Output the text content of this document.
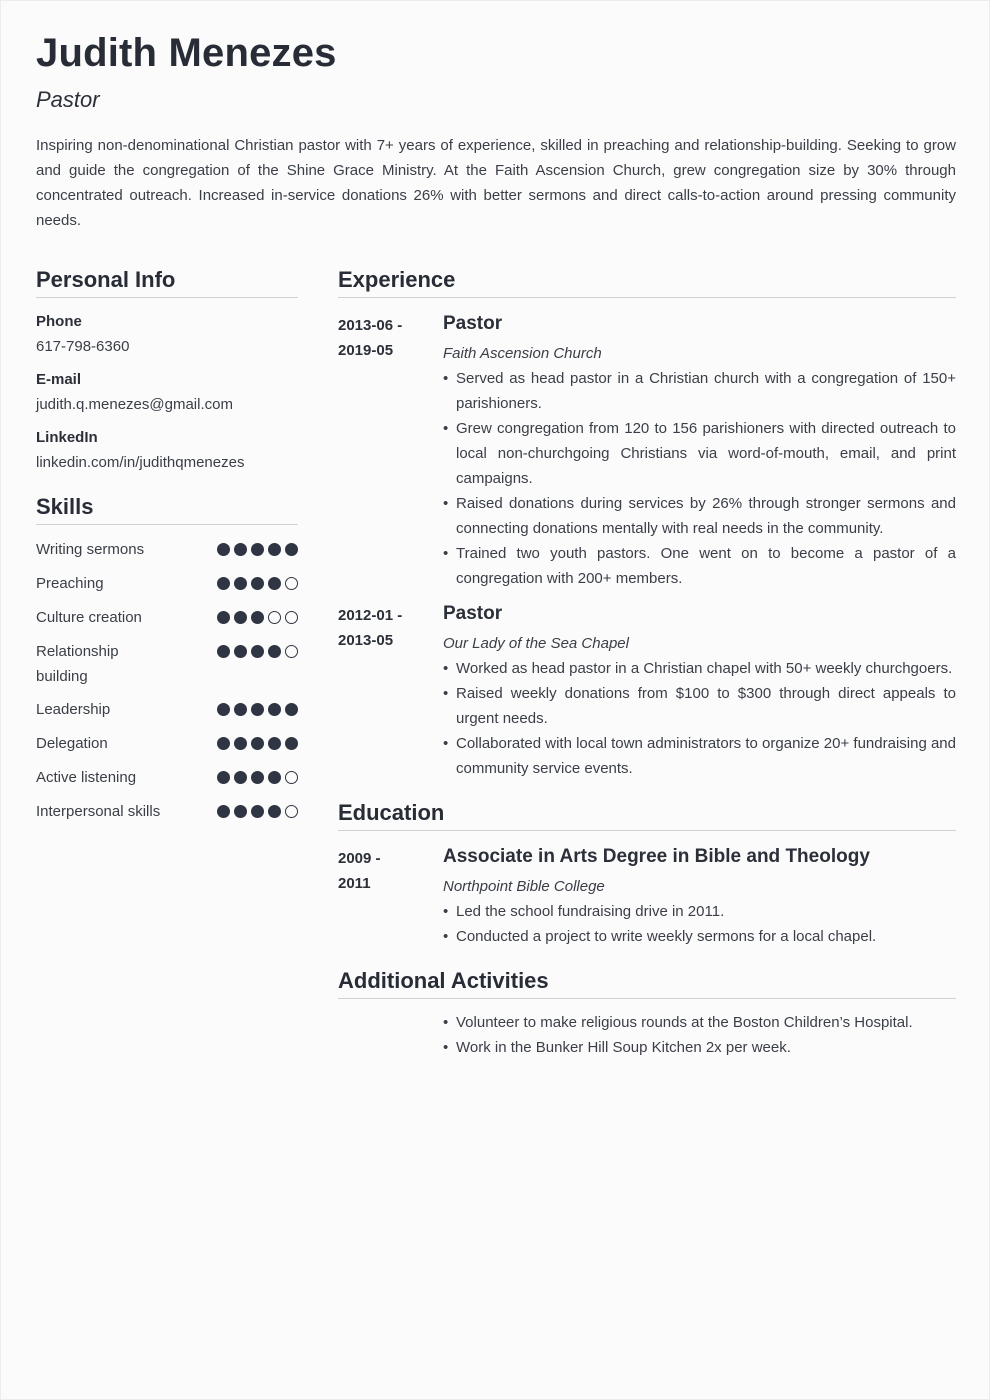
Judith Menezes
Pastor
Inspiring non-denominational Christian pastor with 7+ years of experience, skilled in preaching and relationship-building. Seeking to grow and guide the congregation of the Shine Grace Ministry. At the Faith Ascension Church, grew congregation size by 30% through concentrated outreach. Increased in-service donations 26% with better sermons and direct calls-to-action around pressing community needs.
Personal Info
Phone
617-798-6360
E-mail
judith.q.menezes@gmail.com
LinkedIn
linkedin.com/in/judithqmenezes
Skills
Writing sermons
Preaching
Culture creation
Relationship building
Leadership
Delegation
Active listening
Interpersonal skills
Experience
2013-06 -
2019-05
Pastor
Faith Ascension Church
• Served as head pastor in a Christian church with a congregation of 150+ parishioners.
• Grew congregation from 120 to 156 parishioners with directed outreach to local non-churchgoing Christians via word-of-mouth, email, and print campaigns.
• Raised donations during services by 26% through stronger sermons and connecting donations mentally with real needs in the community.
• Trained two youth pastors. One went on to become a pastor of a congregation with 200+ members.
2012-01 -
2013-05
Pastor
Our Lady of the Sea Chapel
• Worked as head pastor in a Christian chapel with 50+ weekly churchgoers.
• Raised weekly donations from $100 to $300 through direct appeals to urgent needs.
• Collaborated with local town administrators to organize 20+ fundraising and community service events.
Education
2009 -
2011
Associate in Arts Degree in Bible and Theology
Northpoint Bible College
• Led the school fundraising drive in 2011.
• Conducted a project to write weekly sermons for a local chapel.
Additional Activities
• Volunteer to make religious rounds at the Boston Children’s Hospital.
• Work in the Bunker Hill Soup Kitchen 2x per week.
